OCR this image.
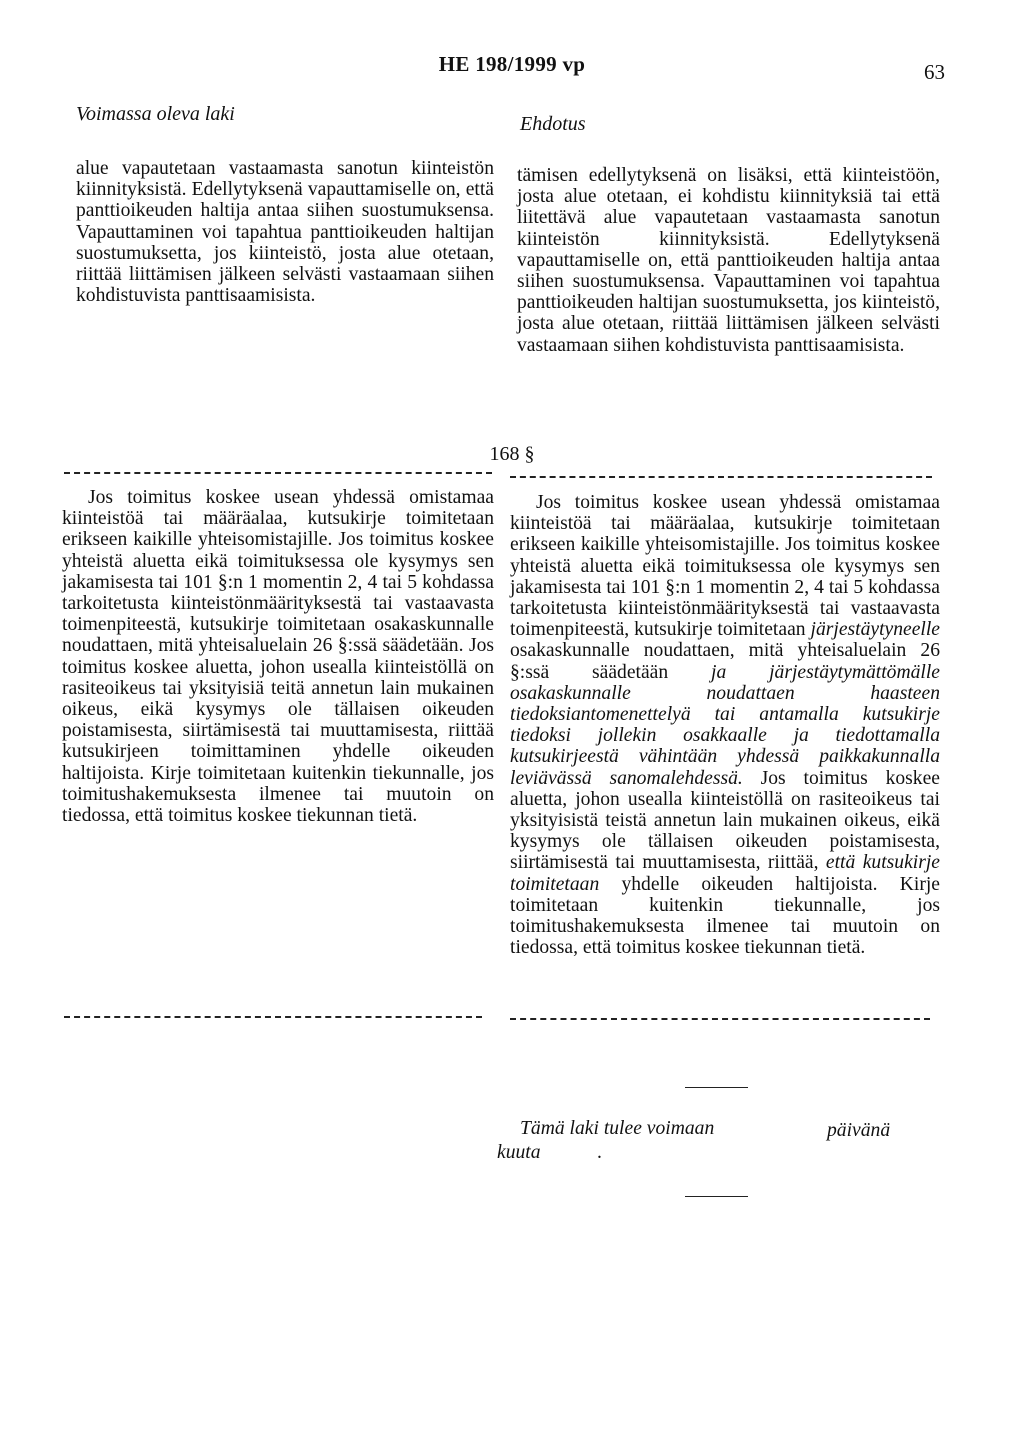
HE 198/1999 vp	63
Voimassa oleva laki	Ehdotus

alue vapautetaan vastaamasta sanotun kiinteistön kiinnityksistä. Edellytyksenä vapauttamiselle on, että panttioikeuden haltija antaa siihen suostumuksensa. Vapauttaminen voi tapahtua panttioikeuden haltijan suostumuksetta, jos kiinteistö, josta alue otetaan, riittää liittämisen jälkeen selvästi vastaamaan siihen kohdistuvista panttisaamisista.

tämisen edellytyksenä on lisäksi, että kiinteistöön, josta alue otetaan, ei kohdistu kiinnityksiä tai että liitettävä alue vapautetaan vastaamasta sanotun kiinteistön kiinnityksistä. Edellytyksenä vapauttamiselle on, että panttioikeuden haltija antaa siihen suostumuksensa. Vapauttaminen voi tapahtua panttioikeuden haltijan suostumuksetta, jos kiinteistö, josta alue otetaan, riittää liittämisen jälkeen selvästi vastaamaan siihen kohdistuvista panttisaamisista.

168 §

Jos toimitus koskee usean yhdessä omistamaa kiinteistöä tai määräalaa, kutsukirje toimitetaan erikseen kaikille yhteisomistajille. Jos toimitus koskee yhteistä aluetta eikä toimituksessa ole kysymys sen jakamisesta tai 101 §:n 1 momentin 2, 4 tai 5 kohdassa tarkoitetusta kiinteistönmäärityksestä tai vastaavasta toimenpiteestä, kutsukirje toimitetaan osakaskunnalle noudattaen, mitä yhteisaluelain 26 §:ssä säädetään. Jos toimitus koskee aluetta, johon usealla kiinteistöllä on rasiteoikeus tai yksityisiä teitä annetun lain mukainen oikeus, eikä kysymys ole tällaisen oikeuden poistamisesta, siirtämisestä tai muuttamisesta, riittää kutsukirjeen toimittaminen yhdelle oikeuden haltijoista. Kirje toimitetaan kuitenkin tiekunnalle, jos toimitushakemuksesta ilmenee tai muutoin on tiedossa, että toimitus koskee tiekunnan tietä.

Jos toimitus koskee usean yhdessä omistamaa kiinteistöä tai määräalaa, kutsukirje toimitetaan erikseen kaikille yhteisomistajille. Jos toimitus koskee yhteistä aluetta eikä toimituksessa ole kysymys sen jakamisesta tai 101 §:n 1 momentin 2, 4 tai 5 kohdassa tarkoitetusta kiinteistönmäärityksestä tai vastaavasta toimenpiteestä, kutsukirje toimitetaan järjestäytyneelle osakaskunnalle noudattaen, mitä yhteisaluelain 26 §:ssä säädetään ja järjestäytymättömälle osakaskunnalle noudattaen haasteen tiedoksiantomenettelyä tai antamalla kutsukirje tiedoksi jollekin osakkaalle ja tiedottamalla kutsukirjeestä vähintään yhdessä paikkakunnalla leviävässä sanomalehdessä. Jos toimitus koskee aluetta, johon usealla kiinteistöllä on rasiteoikeus tai yksityisistä teistä annetun lain mukainen oikeus, eikä kysymys ole tällaisen oikeuden poistamisesta, siirtämisestä tai muuttamisesta, riittää, että kutsukirje toimitetaan yhdelle oikeuden haltijoista. Kirje toimitetaan kuitenkin tiekunnalle, jos toimitushakemuksesta ilmenee tai muutoin on tiedossa, että toimitus koskee tiekunnan tietä.

Tämä laki tulee voimaan	päivänä
kuuta	.
